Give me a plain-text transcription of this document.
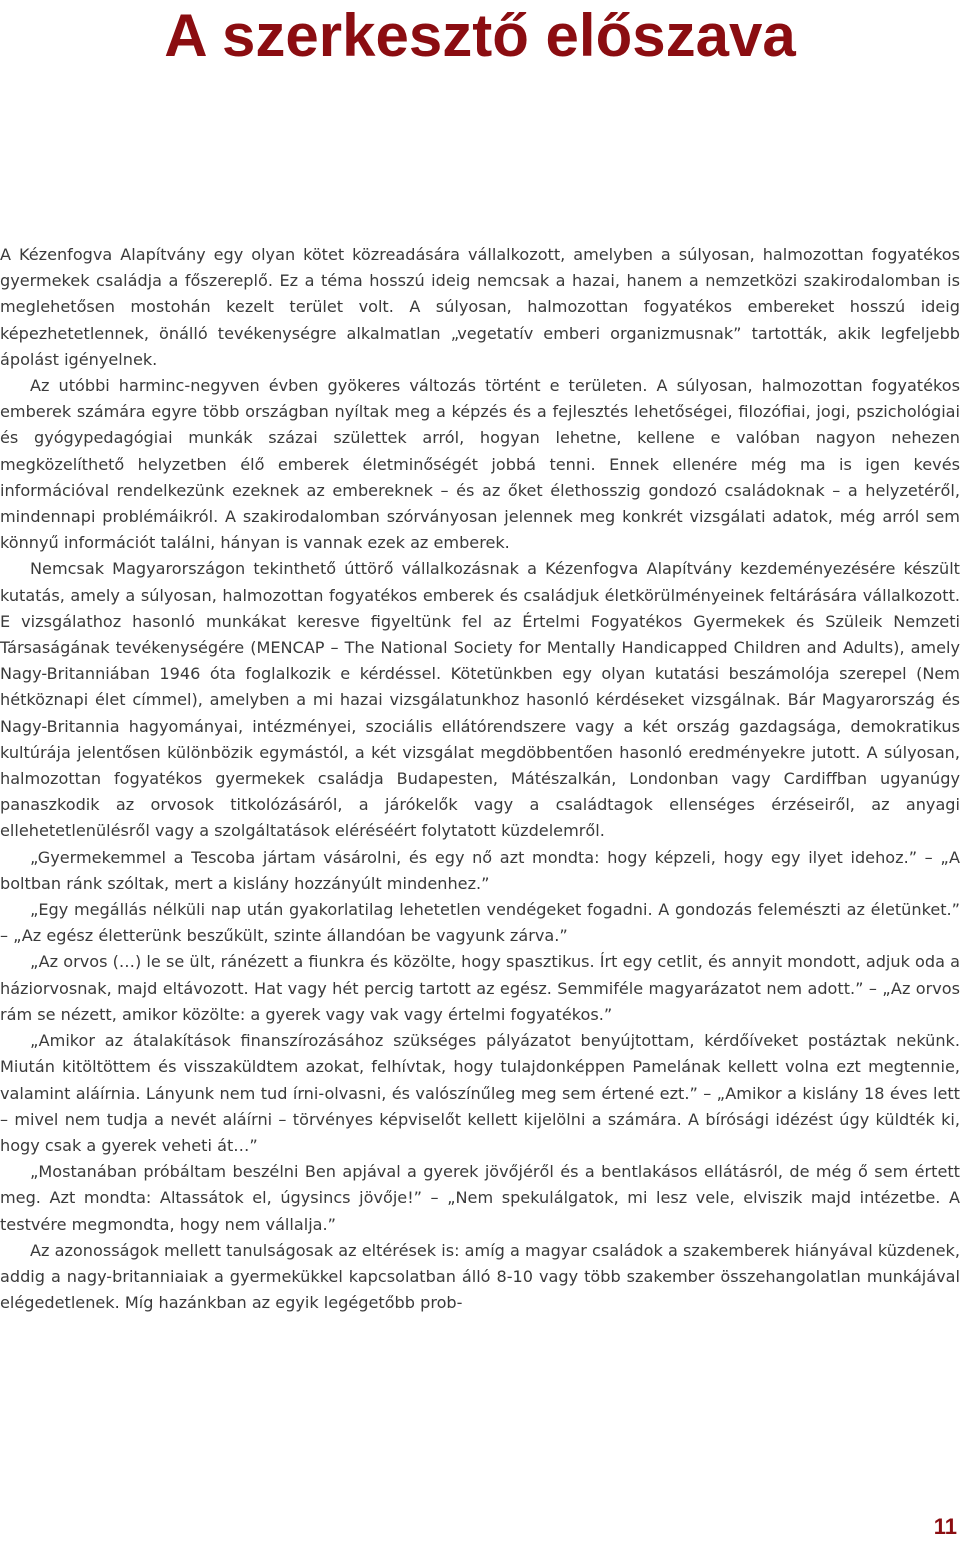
A szerkesztő előszava

A Kézenfogva Alapítvány egy olyan kötet közreadására vállalkozott, amelyben a súlyosan, halmozottan fogyatékos gyermekek családja a főszereplő. Ez a téma hosszú ideig nemcsak a hazai, hanem a nemzetközi szakirodalomban is meglehetősen mostohán kezelt terület volt. A súlyosan, halmozottan fogyatékos embereket hosszú ideig képezhetetlennek, önálló tevékenységre alkalmatlan „vegetatív emberi organizmusnak” tartották, akik legfeljebb ápolást igényelnek.

Az utóbbi harminc-negyven évben gyökeres változás történt e területen. A súlyosan, halmozottan fogyatékos emberek számára egyre több országban nyíltak meg a képzés és a fejlesztés lehetőségei, filozófiai, jogi, pszichológiai és gyógypedagógiai munkák százai születtek arról, hogyan lehetne, kellene e valóban nagyon nehezen megközelíthető helyzetben élő emberek életminőségét jobbá tenni. Ennek ellenére még ma is igen kevés információval rendelkezünk ezeknek az embereknek – és az őket élethosszig gondozó családoknak – a helyzetéről, mindennapi problémáikról. A szakirodalomban szórványosan jelennek meg konkrét vizsgálati adatok, még arról sem könnyű információt találni, hányan is vannak ezek az emberek.

Nemcsak Magyarországon tekinthető úttörő vállalkozásnak a Kézenfogva Alapítvány kezdeményezésére készült kutatás, amely a súlyosan, halmozottan fogyatékos emberek és családjuk életkörülményeinek feltárására vállalkozott. E vizsgálathoz hasonló munkákat keresve figyeltünk fel az Értelmi Fogyatékos Gyermekek és Szüleik Nemzeti Társaságának tevékenységére (MENCAP – The National Society for Mentally Handicapped Children and Adults), amely Nagy-Britanniában 1946 óta foglalkozik e kérdéssel. Kötetünkben egy olyan kutatási beszámolója szerepel (Nem hétköznapi élet címmel), amelyben a mi hazai vizsgálatunkhoz hasonló kérdéseket vizsgálnak. Bár Magyarország és Nagy-Britannia hagyományai, intézményei, szociális ellátórendszere vagy a két ország gazdagsága, demokratikus kultúrája jelentősen különbözik egymástól, a két vizsgálat megdöbbentően hasonló eredményekre jutott. A súlyosan, halmozottan fogyatékos gyermekek családja Budapesten, Mátészalkán, Londonban vagy Cardiffban ugyanúgy panaszkodik az orvosok titkolózásáról, a járókelők vagy a családtagok ellenséges érzéseiről, az anyagi ellehetetlenülésről vagy a szolgáltatások eléréséért folytatott küzdelemről.

„Gyermekemmel a Tescoba jártam vásárolni, és egy nő azt mondta: hogy képzeli, hogy egy ilyet idehoz.” – „A boltban ránk szóltak, mert a kislány hozzányúlt mindenhez.”

„Egy megállás nélküli nap után gyakorlatilag lehetetlen vendégeket fogadni. A gondozás felemészti az életünket.” – „Az egész életterünk beszűkült, szinte állandóan be vagyunk zárva.”

„Az orvos (…) le se ült, ránézett a fiunkra és közölte, hogy spasztikus. Írt egy cetlit, és annyit mondott, adjuk oda a háziorvosnak, majd eltávozott. Hat vagy hét percig tartott az egész. Semmiféle magyarázatot nem adott.” – „Az orvos rám se nézett, amikor közölte: a gyerek vagy vak vagy értelmi fogyatékos.”

„Amikor az átalakítások finanszírozásához szükséges pályázatot benyújtottam, kérdőíveket postáztak nekünk. Miután kitöltöttem és visszaküldtem azokat, felhívtak, hogy tulajdonképpen Pamelának kellett volna ezt megtennie, valamint aláírnia. Lányunk nem tud írni-olvasni, és valószínűleg meg sem értené ezt.” – „Amikor a kislány 18 éves lett – mivel nem tudja a nevét aláírni – törvényes képviselőt kellett kijelölni a számára. A bírósági idézést úgy küldték ki, hogy csak a gyerek veheti át…”

„Mostanában próbáltam beszélni Ben apjával a gyerek jövőjéről és a bentlakásos ellátásról, de még ő sem értett meg. Azt mondta: Altassátok el, úgysincs jövője!” – „Nem spekulálgatok, mi lesz vele, elviszik majd intézetbe. A testvére megmondta, hogy nem vállalja.”

Az azonosságok mellett tanulságosak az eltérések is: amíg a magyar családok a szakemberek hiányával küzdenek, addig a nagy-britanniaiak a gyermekükkel kapcsolatban álló 8-10 vagy több szakember összehangolatlan munkájával elégedetlenek. Míg hazánkban az egyik legégetőbb prob-

11
